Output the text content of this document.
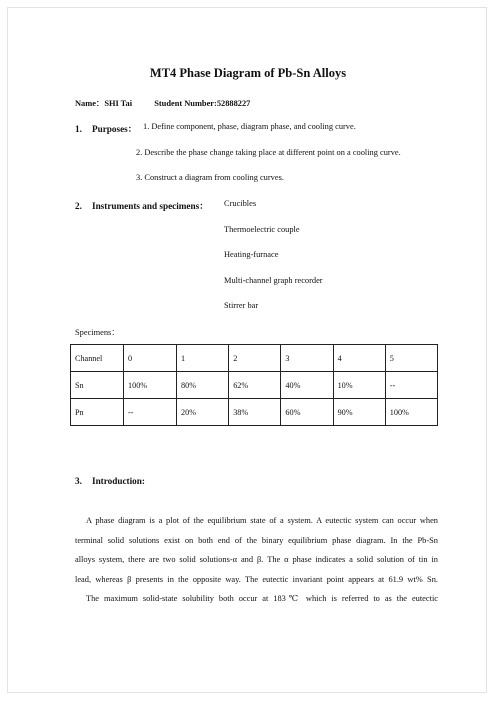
MT4 Phase Diagram of Pb-Sn Alloys
Name：SHI Tai	Student Number:52888227
1. Purposes： 1. Define component, phase, diagram phase, and cooling curve.
2. Describe the phase change taking place at different point on a cooling curve.
3. Construct a diagram from cooling curves.
2. Instruments and specimens： Crucibles
Thermoelectric couple
Heating-furnace
Multi-channel graph recorder
Stirrer bar
Specimens：
Channel	0	1	2	3	4	5
Sn	100%	80%	62%	40%	10%	--
Pn	--	20%	38%	60%	90%	100%
3. Introduction:
A phase diagram is a plot of the equilibrium state of a system. A eutectic system can occur when
terminal solid solutions exist on both end of the binary equilibrium phase diagram. In the Pb-Sn
alloys system, there are two solid solutions-α and β. The α phase indicates a solid solution of tin in
lead, whereas β presents in the opposite way. The eutectic invariant point appears at 61.9 wt% Sn.
The maximum solid-state solubility both occur at 183℃ which is referred to as the eutectic
